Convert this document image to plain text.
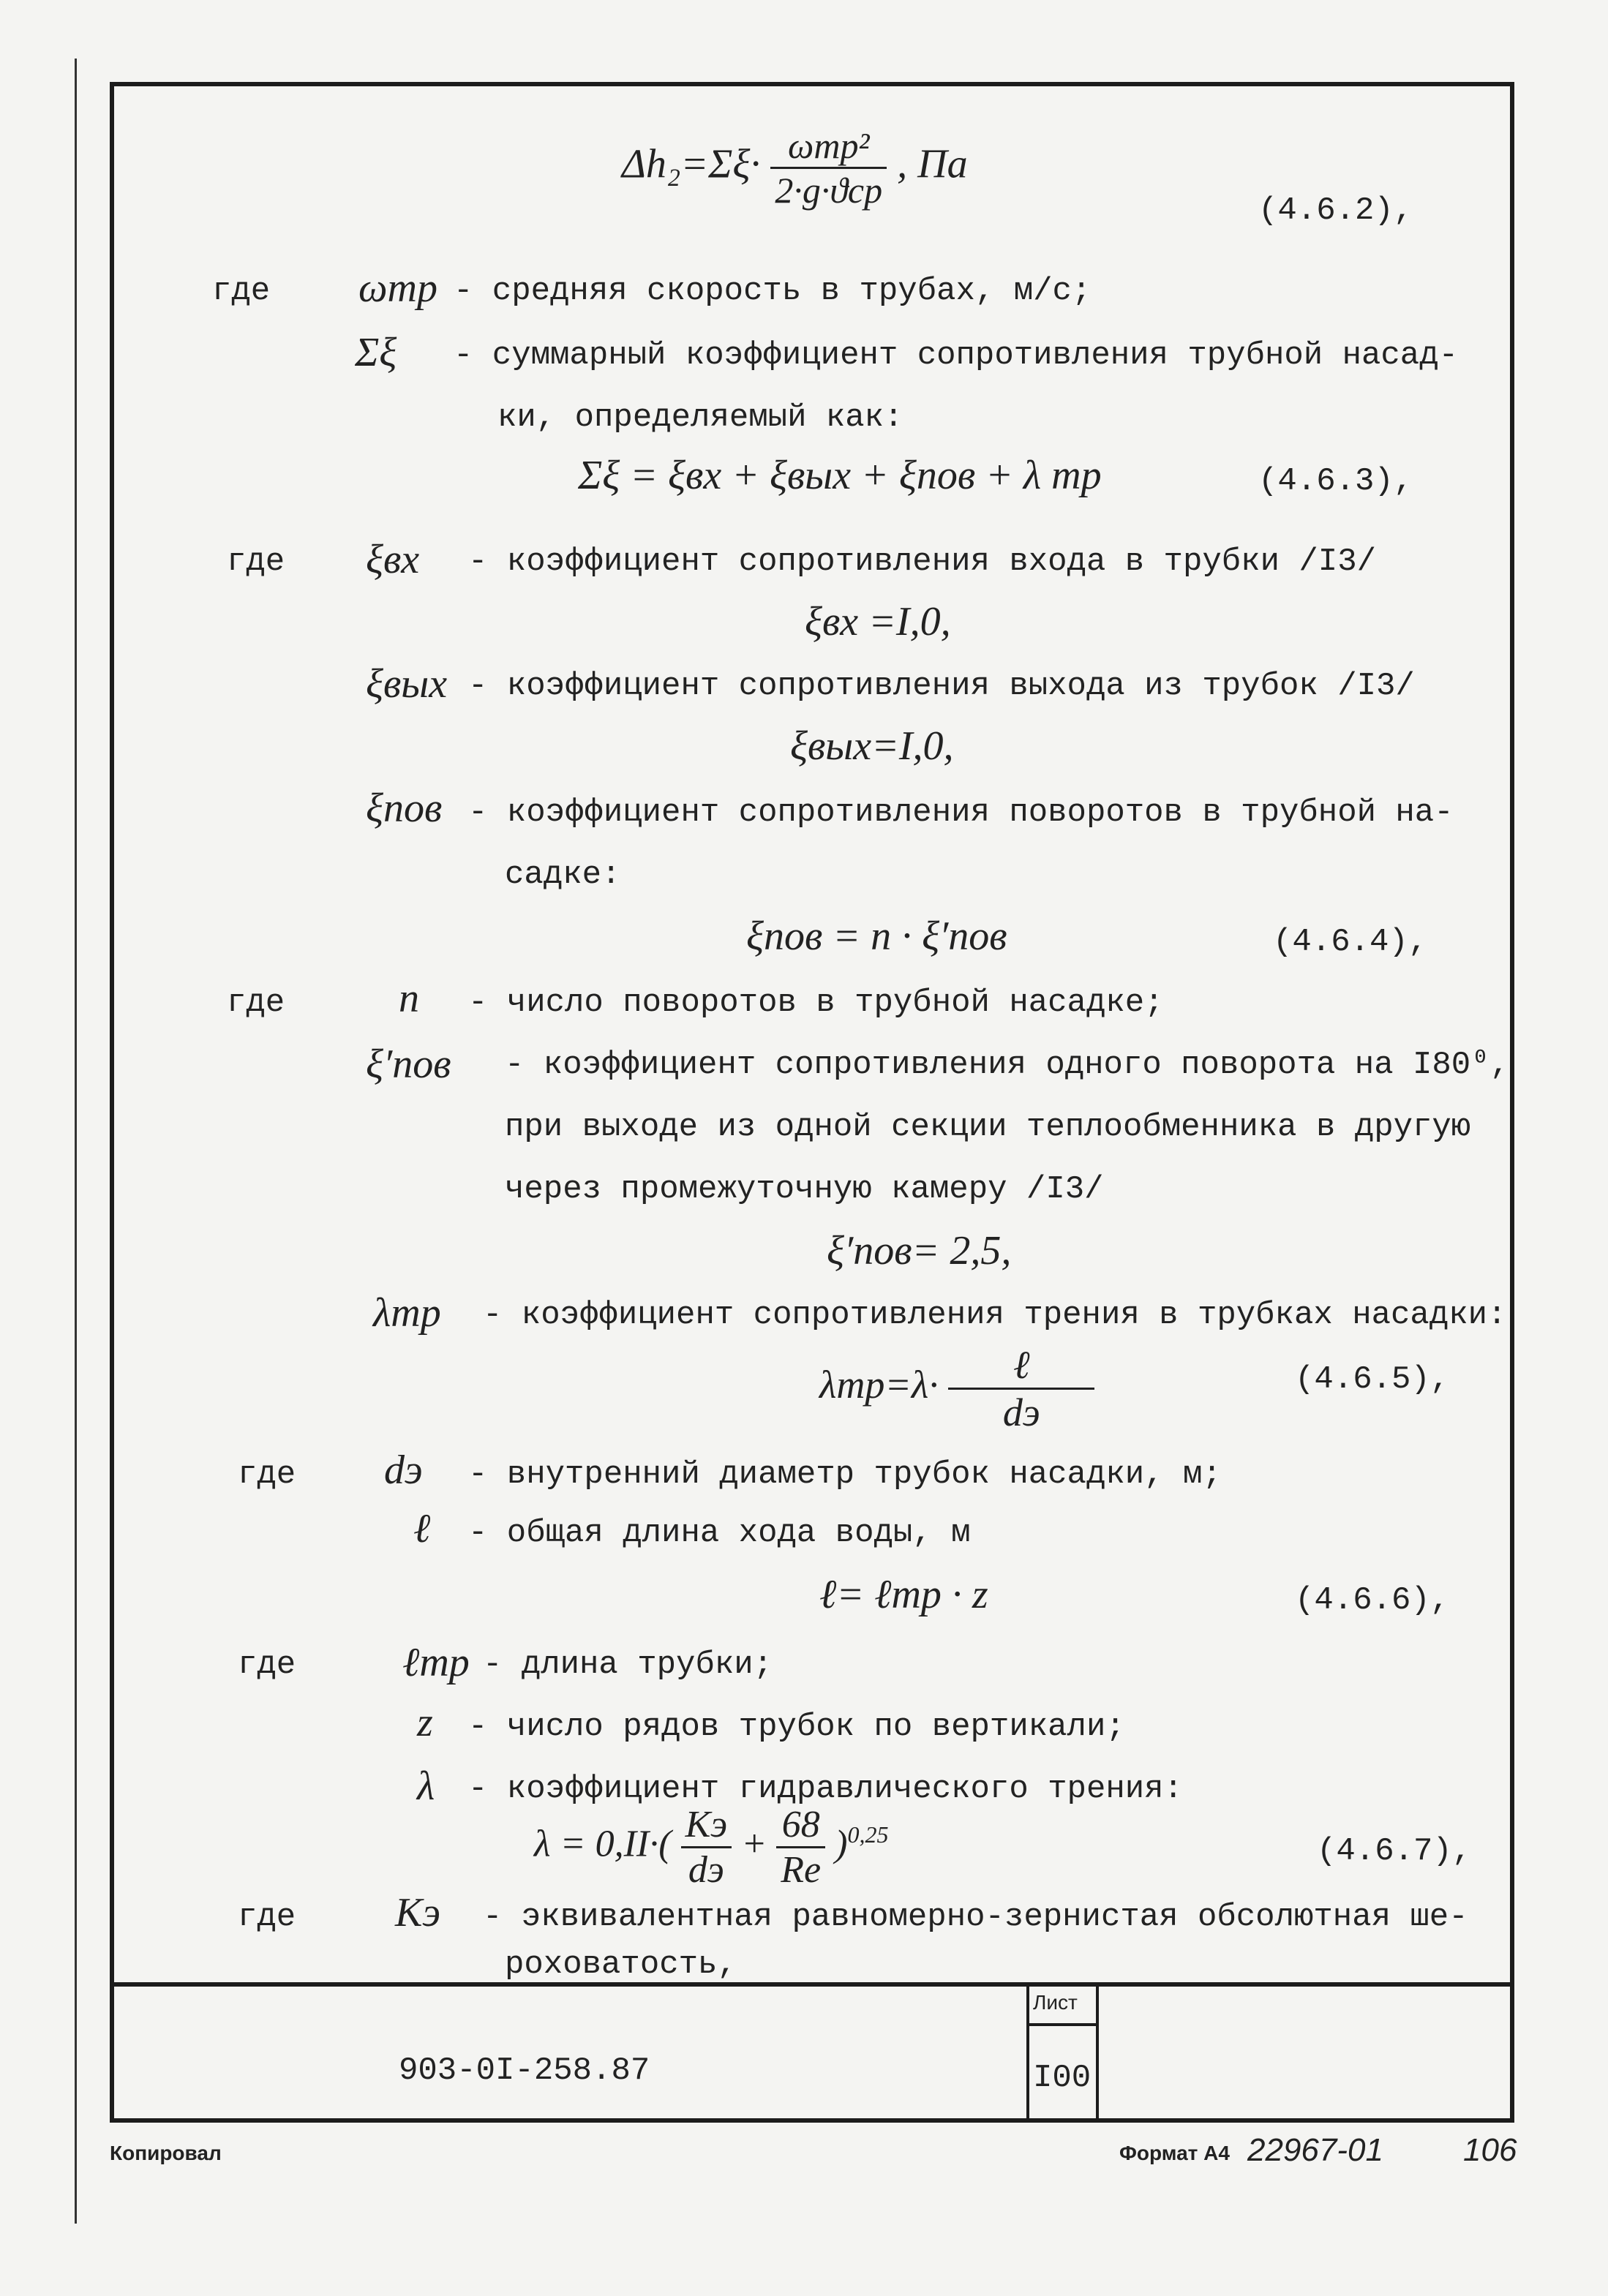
$\Delta h_2=\Sigma\xi\cdot \frac{\text{ωтр²}}{\text{2·g·ϑср}}$ , Па
(4.6.2),
где ωтр - средняя скорость в трубах, м/с;
Σξ - суммарный коэффициент сопротивления трубной насад-
ки, определяемый как:
Σξ = ξвх + ξвых + ξпов + λ тр	(4.6.3),
где ξвх - коэффициент сопротивления входа в трубки /I3/
ξвх =I,0,
ξвых - коэффициент сопротивления выхода из трубок /I3/
ξвых=I,0,
ξпов - коэффициент сопротивления поворотов в трубной на-
садке:
ξпов = n · ξ′пов	(4.6.4),
где	n - число поворотов в трубной насадке;
ξ′пов - коэффициент сопротивления одного поворота на I80⁰,
при выходе из одной секции теплообменника в другую
через промежуточную камеру /I3/
ξ′пов= 2,5,
λтр - коэффициент сопротивления трения в трубках насадки:
$\lambda тр=\lambda\cdot \frac{\text{ℓ}}{dэ}$	(4.6.5),
где dэ - внутренний диаметр трубок насадки, м;
ℓ - общая длина хода воды, м
ℓ= ℓтр · z	(4.6.6),
где	ℓтр - длина трубки;
z - число рядов трубок по вертикали;
λ - коэффициент гидравлического трения:
$\lambda = 0,II\cdot( \frac{Kэ}{dэ} + \frac{68}{Re} )^{0,25}$	(4.6.7),
где Kэ - эквивалентная равномерно-зернистая обсолютная ше-
роховатость,
903-0I-258.87
Лист
I00
Копировал	Формат А4 22967-01 106
